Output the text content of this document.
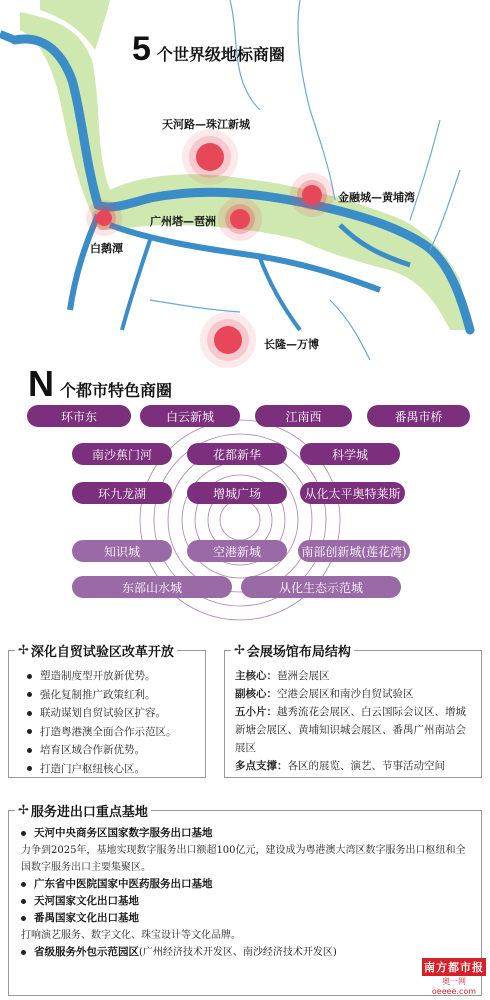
5 个世界级地标商圈
天河路—珠江新城
白鹅潭
广州塔—琶洲
金融城—黄埔湾
长隆—万博
N 个都市特色商圈
环市东	白云新城	江南西	番禺市桥
南沙蕉门河	花都新华	科学城
环九龙湖	增城广场	从化太平奥特莱斯
知识城	空港新城	南部创新城(莲花湾)
东部山水城	从化生态示范城
✢ 深化自贸试验区改革开放
塑造制度型开放新优势。
强化复制推广政策红利。
联动谋划自贸试验区扩容。
打造粤港澳全面合作示范区。
培育区域合作新优势。
打造门户枢纽核心区。
✢ 会展场馆布局结构
主核心：琶洲会展区
副核心：空港会展区和南沙自贸试验区
五小片：越秀流花会展区、白云国际会议区、增城新塘会展区、黄埔知识城会展区、番禺广州南站会展区
多点支撑：各区的展览、演艺、节事活动空间
✢ 服务进出口重点基地
天河中央商务区国家数字服务出口基地
力争到2025年，基地实现数字服务出口额超100亿元，建设成为粤港澳大湾区数字服务出口枢纽和全国数字服务出口主要集聚区。
广东省中医院国家中医药服务出口基地
天河国家文化出口基地
番禺国家文化出口基地
打响演艺服务、数字文化、珠宝设计等文化品牌。
省级服务外包示范园区 (广州经济技术开发区、南沙经济技术开发区)
南方都市报
奥一网 oeeee.com
